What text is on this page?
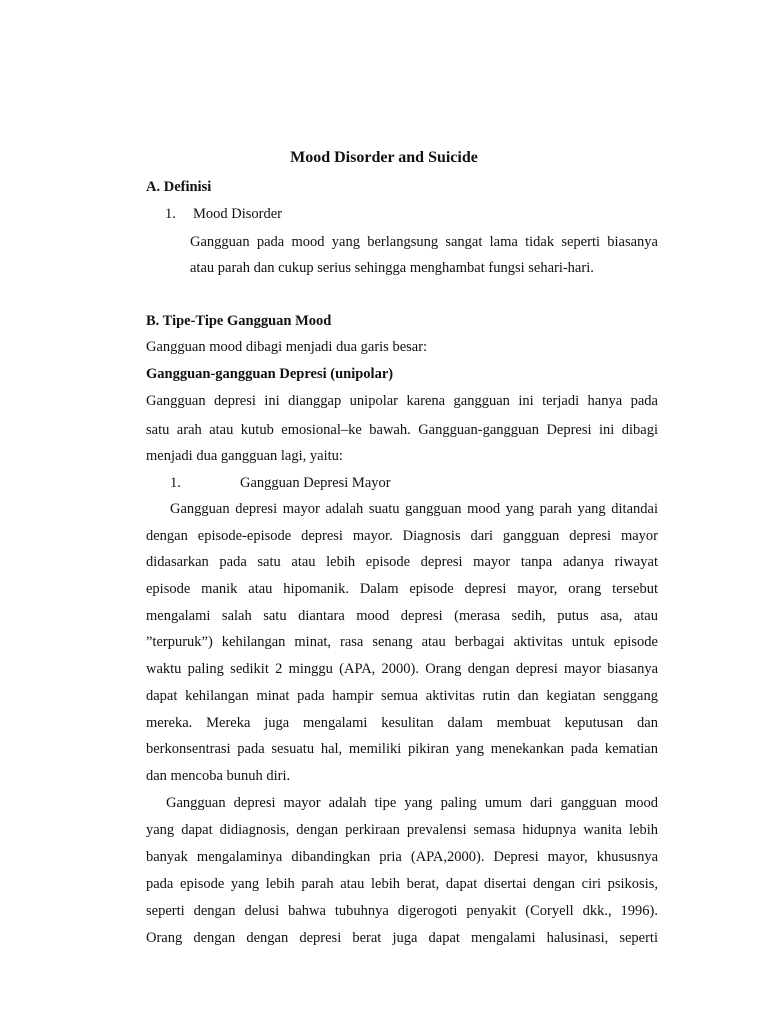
Mood Disorder and Suicide
A. Definisi
1. Mood Disorder
Gangguan pada mood yang berlangsung sangat lama tidak seperti biasanya
atau parah dan cukup serius sehingga menghambat fungsi sehari-hari.
B. Tipe-Tipe Gangguan Mood
Gangguan mood dibagi menjadi dua garis besar:
Gangguan-gangguan Depresi (unipolar)
Gangguan depresi ini dianggap unipolar karena gangguan ini terjadi hanya pada
satu arah atau kutub emosional–ke bawah. Gangguan-gangguan Depresi ini dibagi
menjadi dua gangguan lagi, yaitu:
1.	Gangguan Depresi Mayor
Gangguan depresi mayor adalah suatu gangguan mood yang parah yang ditandai
dengan episode-episode depresi mayor. Diagnosis dari gangguan depresi mayor
didasarkan pada satu atau lebih episode depresi mayor tanpa adanya riwayat
episode manik atau hipomanik. Dalam episode depresi mayor, orang tersebut
mengalami salah satu diantara mood depresi (merasa sedih, putus asa, atau
”terpuruk”) kehilangan minat, rasa senang atau berbagai aktivitas untuk episode
waktu paling sedikit 2 minggu (APA, 2000). Orang dengan depresi mayor biasanya
dapat kehilangan minat pada hampir semua aktivitas rutin dan kegiatan senggang
mereka. Mereka juga mengalami kesulitan dalam membuat keputusan dan
berkonsentrasi pada sesuatu hal, memiliki pikiran yang menekankan pada kematian
dan mencoba bunuh diri.
Gangguan depresi mayor adalah tipe yang paling umum dari gangguan mood
yang dapat didiagnosis, dengan perkiraan prevalensi semasa hidupnya wanita lebih
banyak mengalaminya dibandingkan pria (APA,2000). Depresi mayor, khususnya
pada episode yang lebih parah atau lebih berat, dapat disertai dengan ciri psikosis,
seperti dengan delusi bahwa tubuhnya digerogoti penyakit (Coryell dkk., 1996).
Orang dengan dengan depresi berat juga dapat mengalami halusinasi, seperti
